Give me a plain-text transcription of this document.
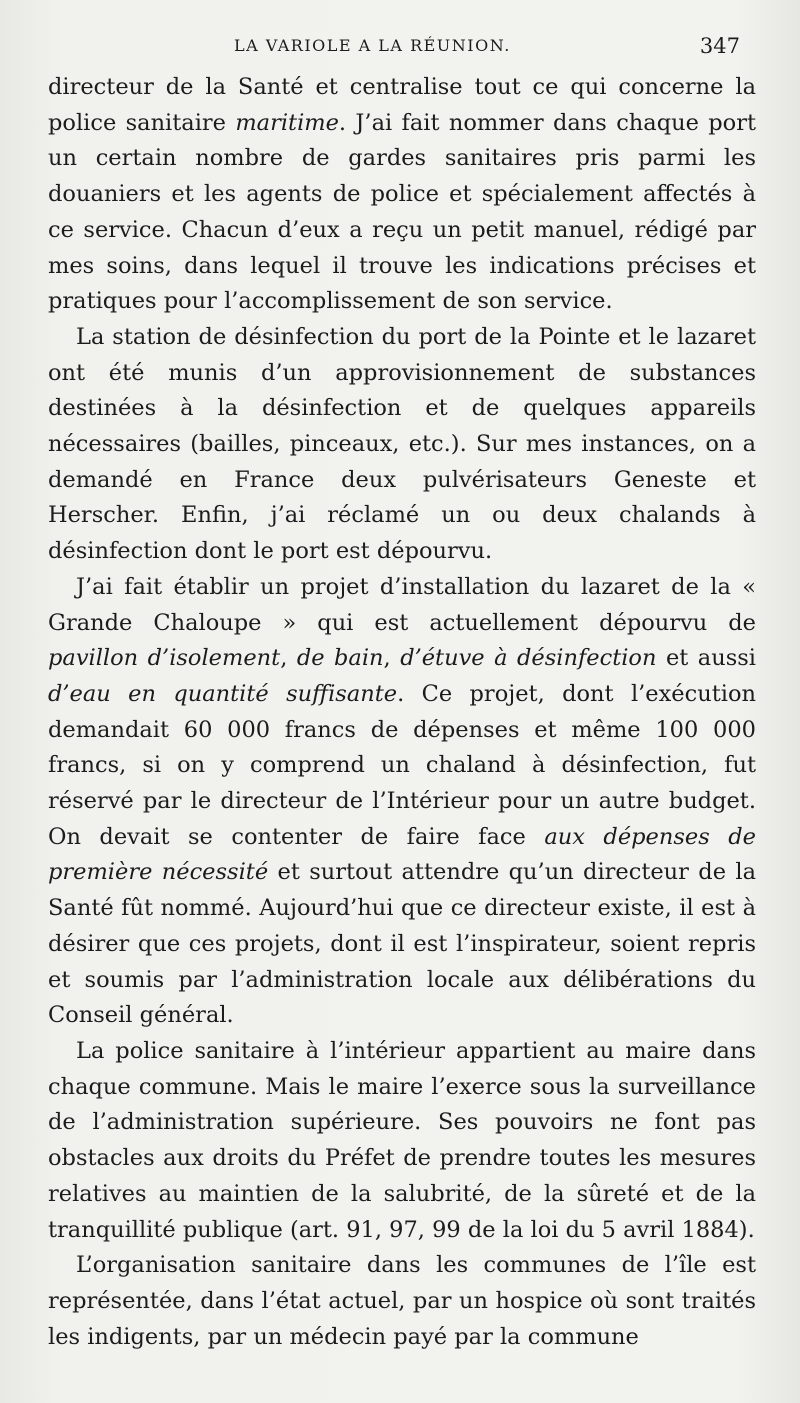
LA VARIOLE A LA RÉUNION.	347

directeur de la Santé et centralise tout ce qui concerne la police sanitaire maritime. J’ai fait nommer dans chaque port un certain nombre de gardes sanitaires pris parmi les douaniers et les agents de police et spécialement affectés à ce service. Chacun d’eux a reçu un petit manuel, rédigé par mes soins, dans lequel il trouve les indications précises et pratiques pour l’accomplissement de son service.

La station de désinfection du port de la Pointe et le lazaret ont été munis d’un approvisionnement de substances destinées à la désinfection et de quelques appareils nécessaires (bailles, pinceaux, etc.). Sur mes instances, on a demandé en France deux pulvérisateurs Geneste et Herscher. Enfin, j’ai réclamé un ou deux chalands à désinfection dont le port est dépourvu.

J’ai fait établir un projet d’installation du lazaret de la « Grande Chaloupe » qui est actuellement dépourvu de pavillon d’isolement, de bain, d’étuve à désinfection et aussi d’eau en quantité suffisante. Ce projet, dont l’exécution demandait 60 000 francs de dépenses et même 100 000 francs, si on y comprend un chaland à désinfection, fut réservé par le directeur de l’Intérieur pour un autre budget. On devait se contenter de faire face aux dépenses de première nécessité et surtout attendre qu’un directeur de la Santé fût nommé. Aujourd’hui que ce directeur existe, il est à désirer que ces projets, dont il est l’inspirateur, soient repris et soumis par l’administration locale aux délibérations du Conseil général.

La police sanitaire à l’intérieur appartient au maire dans chaque commune. Mais le maire l’exerce sous la surveillance de l’administration supérieure. Ses pouvoirs ne font pas obstacles aux droits du Préfet de prendre toutes les mesures relatives au maintien de la salubrité, de la sûreté et de la tranquillité publique (art. 91, 97, 99 de la loi du 5 avril 1884).

L’organisation sanitaire dans les communes de l’île est représentée, dans l’état actuel, par un hospice où sont traités les indigents, par un médecin payé par la commune
